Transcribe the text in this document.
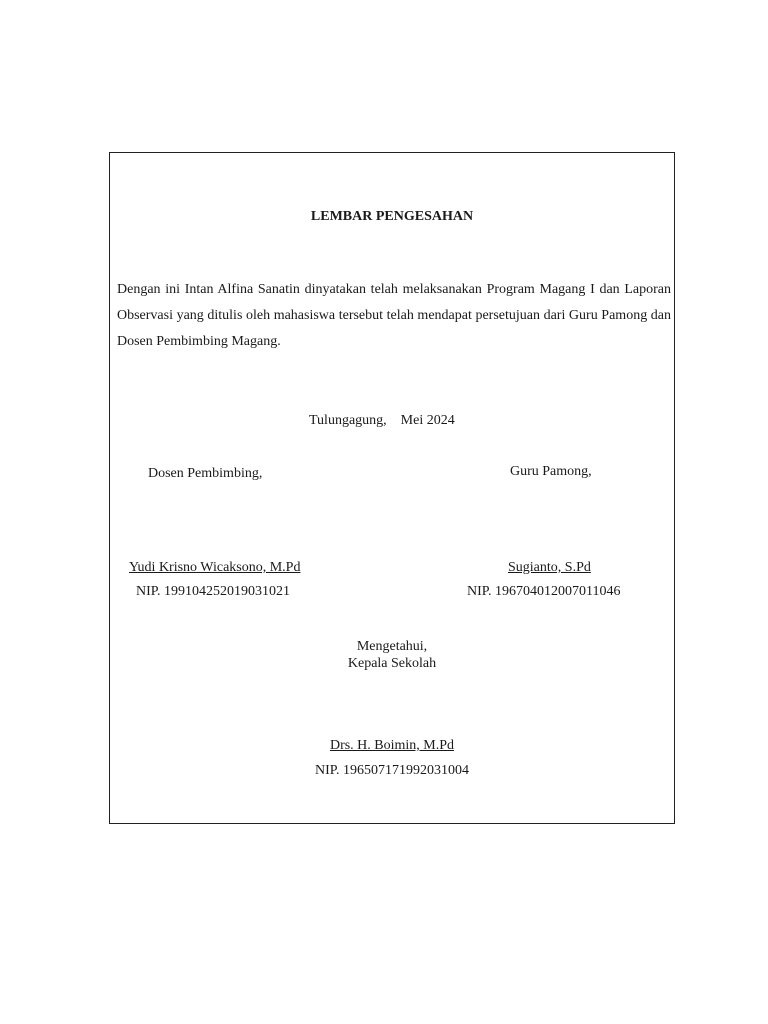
LEMBAR PENGESAHAN
Dengan ini Intan Alfina Sanatin dinyatakan telah melaksanakan Program Magang I dan Laporan Observasi yang ditulis oleh mahasiswa tersebut telah mendapat persetujuan dari Guru Pamong dan Dosen Pembimbing Magang.
Tulungagung, Mei 2024
Dosen Pembimbing,	Guru Pamong,
Yudi Krisno Wicaksono, M.Pd	Sugianto, S.Pd
NIP. 199104252019031021	NIP. 196704012007011046
Mengetahui,
Kepala Sekolah
Drs. H. Boimin, M.Pd
NIP. 196507171992031004
